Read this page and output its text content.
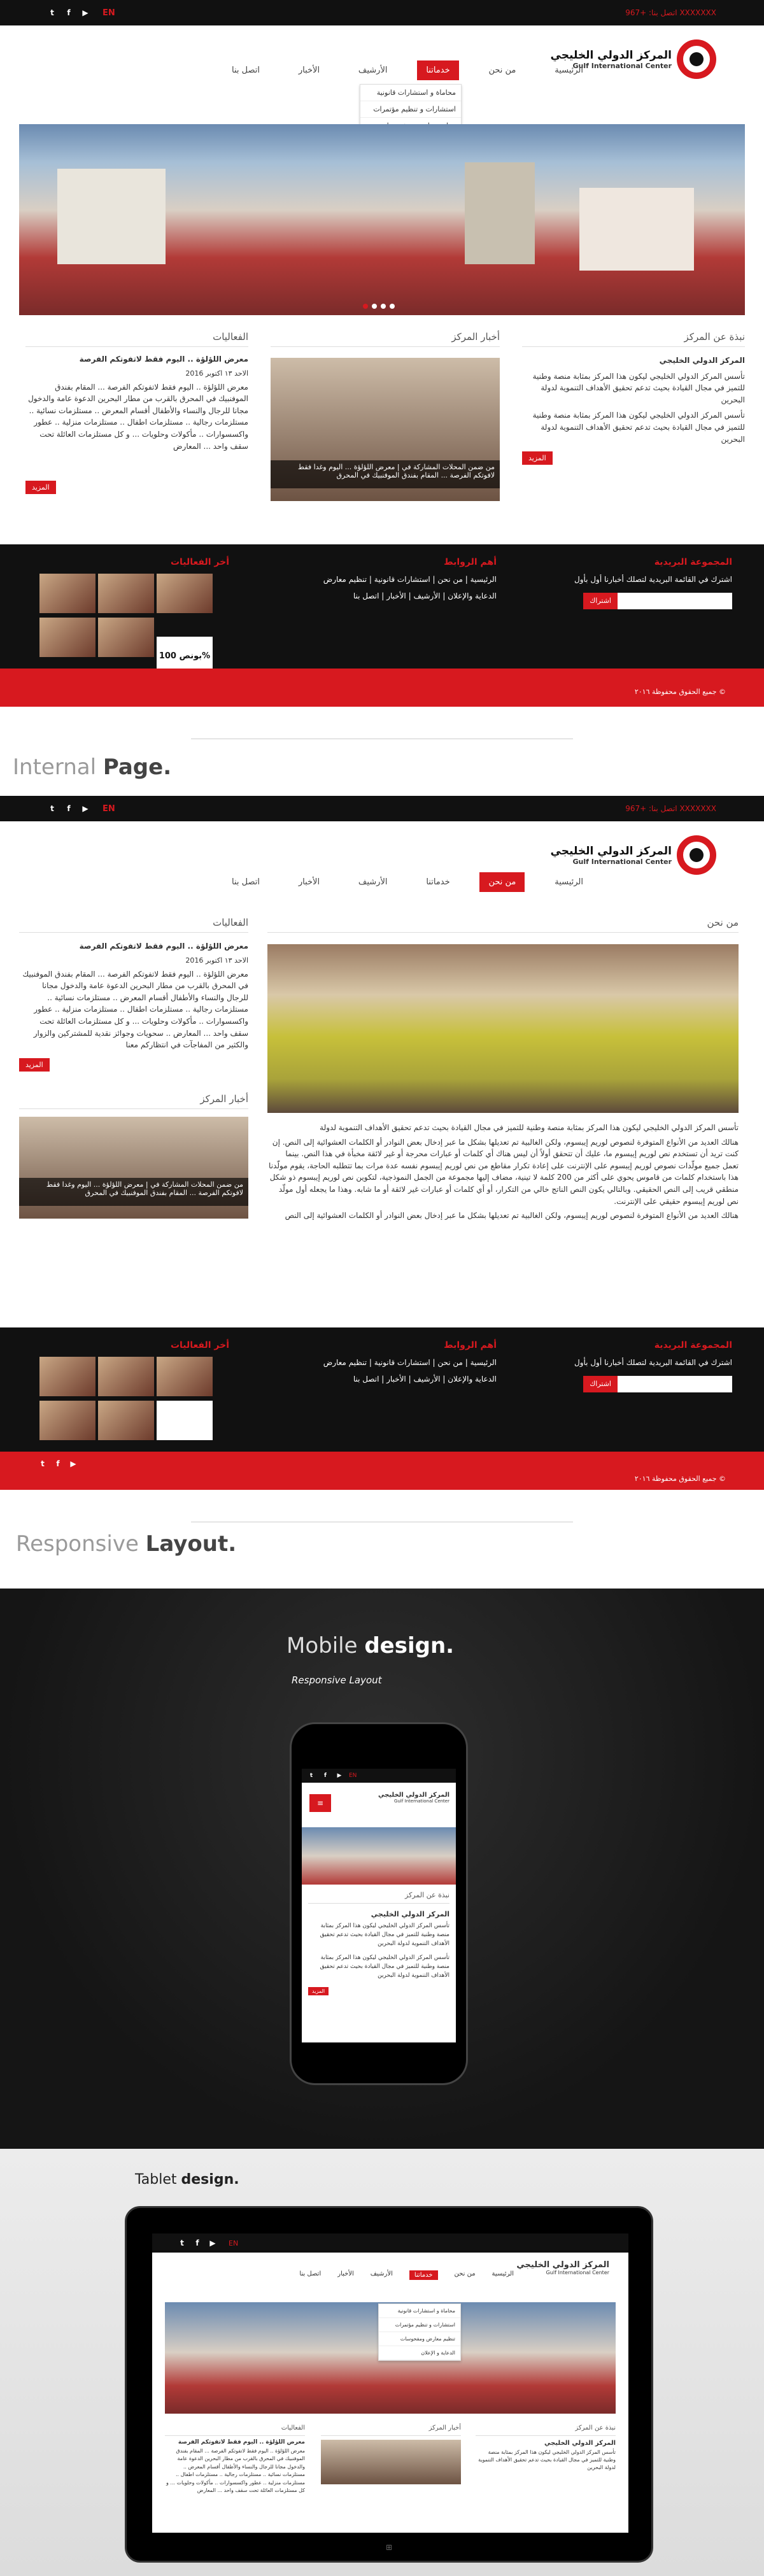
t	f	▶ EN	اتصل بنا: +967 XXXXXXX
المركز الدولي الخليجي
Gulf International Center
الرئيسية
من نحن
خدماتنا
الأرشيف
الأخبار
اتصل بنا
محاماة و استشارات قانونية
استشارات و تنظيم مؤتمرات
نبذة عن المركز
المركز الدولي الخليجي
تأسس المركز الدولي الخليجي ليكون هذا المركز بمثابة منصة وطنية للتميز في مجال القيادة بحيث تدعم تحقيق الأهداف التنموية لدولة البحرين
تأسس المركز الدولي الخليجي ليكون هذا المركز بمثابة منصة وطنية للتميز في مجال القيادة بحيث تدعم تحقيق الأهداف التنموية لدولة البحرين
المزيد
أخبار المركز
من ضمن المحلات المشاركة في | معرض اللؤلؤة ... اليوم وغدا فقط لافوتكم الفرصة ... المقام بفندق الموفنبيك في المحرق
الفعاليات
معرض اللؤلؤة .. اليوم فقط لاتفوتكم الفرصة
الاحد ١٣ اكتوبر 2016
معرض اللؤلؤة .. اليوم فقط لاتفوتكم الفرصة ... المقام بفندق الموفنبيك في المحرق بالقرب من مطار البحرين الدعوة عامة والدخول مجانا للرجال والنساء والأطفال أقسام المعرض .. مستلزمات نسائية .. مستلزمات رجالية .. مستلزمات اطفال .. مستلزمات منزلية .. عطور واكسسوارات .. مأكولات وحلويات ... و كل مستلزمات العائلة تحت سقف واحد ... المعارض
المزيد
المجموعة البريدية
اشترك في القائمة البريدية لتصلك أخبارنا أول بأول
اشتراك
أهم الروابط
الرئيسية | من نحن | استشارات قانونية | تنظيم معارض
الدعاية والإعلان | الأرشيف | الأخبار | اتصل بنا
أخر الفعاليات
بونص 100%
جميع الحقوق محفوظة ٢٠١٦ ©
Internal Page.
t	f	▶ EN	اتصل بنا: +967 XXXXXXX
المركز الدولي الخليجي
Gulf International Center
الرئيسية
من نحن
خدماتنا
الأرشيف
الأخبار
اتصل بنا
من نحن
تأسس المركز الدولي الخليجي ليكون هذا المركز بمثابة منصة وطنية للتميز في مجال القيادة بحيث تدعم تحقيق الأهداف التنموية لدولة
هنالك العديد من الأنواع المتوفرة لنصوص لوريم إيبسوم، ولكن الغالبية تم تعديلها بشكل ما عبر إدخال بعض النوادر أو الكلمات العشوائية إلى النص. إن كنت تريد أن تستخدم نص لوريم إيبسوم ما، عليك أن تتحقق أولاً أن ليس هناك أي كلمات أو عبارات محرجة أو غير لائقة مخبأة في هذا النص. بينما تعمل جميع مولّدات نصوص لوريم إيبسوم على الإنترنت على إعادة تكرار مقاطع من نص لوريم إيبسوم نفسه عدة مرات بما تتطلبه الحاجة، يقوم مولّدنا هذا باستخدام كلمات من قاموس يحوي على أكثر من 200 كلمة لا تينية، مضاف إليها مجموعة من الجمل النموذجية، لتكوين نص لوريم إيبسوم ذو شكل منطقي قريب إلى النص الحقيقي. وبالتالي يكون النص الناتج خالي من التكرار، أو أي كلمات أو عبارات غير لائقة أو ما شابه. وهذا ما يجعله أول مولّد نص لوريم إيبسوم حقيقي على الإنترنت.
هنالك العديد من الأنواع المتوفرة لنصوص لوريم إيبسوم، ولكن الغالبية تم تعديلها بشكل ما عبر إدخال بعض النوادر أو الكلمات العشوائية إلى النص
الفعاليات
معرض اللؤلؤة .. اليوم فقط لاتفوتكم الفرصة
الاحد ١٣ اكتوبر 2016
معرض اللؤلؤة .. اليوم فقط لاتفوتكم الفرصة ... المقام بفندق الموفنبيك في المحرق بالقرب من مطار البحرين الدعوة عامة والدخول مجانا للرجال والنساء والأطفال أقسام المعرض .. مستلزمات نسائية .. مستلزمات رجالية .. مستلزمات اطفال .. مستلزمات منزلية .. عطور واكسسوارات .. مأكولات وحلويات ... و كل مستلزمات العائلة تحت سقف واحد ... المعارض .. سحويات وجوائز نقدية للمشتركين والزوار والكثير من المفاجآت في انتظاركم معنا
المزيد
أخبار المركز
من ضمن المحلات المشاركة في | معرض اللؤلؤة ... اليوم وغدا فقط لافوتكم الفرصة ... المقام بفندق الموفنبيك في المحرق
المجموعة البريدية
اشترك في القائمة البريدية لتصلك أخبارنا أول بأول
اشتراك
أهم الروابط
الرئيسية | من نحن | استشارات قانونية | تنظيم معارض
الدعاية والإعلان | الأرشيف | الأخبار | اتصل بنا
أخر الفعاليات

t	f	▶
جميع الحقوق محفوظة ٢٠١٦ ©
Responsive Layout.
Mobile design.
Responsive Layout
t	f	▶	EN
≡
المركز الدولي الخليجي
Gulf International Center
نبذة عن المركز
المركز الدولي الخليجي
تأسس المركز الدولي الخليجي ليكون هذا المركز بمثابة منصة وطنية للتميز في مجال القيادة بحيث تدعم تحقيق الأهداف التنموية لدولة البحرين
تأسس المركز الدولي الخليجي ليكون هذا المركز بمثابة منصة وطنية للتميز في مجال القيادة بحيث تدعم تحقيق الأهداف التنموية لدولة البحرين
المزيد
Tablet design.
t	f	▶ EN
المركز الدولي الخليجي
Gulf International Center
الرئيسية
من نحن
خدماتنا
الأرشيف
الأخبار
اتصل بنا
محاماة و استشارات قانونية
استشارات و تنظيم مؤتمرات
تنظيم معارض ومفحوسات
الدعاية و الإعلان
نبذة عن المركز
المركز الدولي الخليجي
تأسس المركز الدولي الخليجي ليكون هذا المركز بمثابة منصة وطنية للتميز في مجال القيادة بحيث تدعم تحقيق الأهداف التنموية لدولة البحرين
أخبار المركز
الفعاليات
معرض اللؤلؤة .. اليوم فقط لاتفوتكم الفرصة
معرض اللؤلؤة .. اليوم فقط لاتفوتكم الفرصة ... المقام بفندق الموفنبيك في المحرق بالقرب من مطار البحرين الدعوة عامة والدخول مجانا للرجال والنساء والأطفال أقسام المعرض .. مستلزمات نسائية .. مستلزمات رجالية .. مستلزمات اطفال .. مستلزمات منزلية .. عطور واكسسوارات .. مأكولات وحلويات ... و كل مستلزمات العائلة تحت سقف واحد ... المعارض
⊞
